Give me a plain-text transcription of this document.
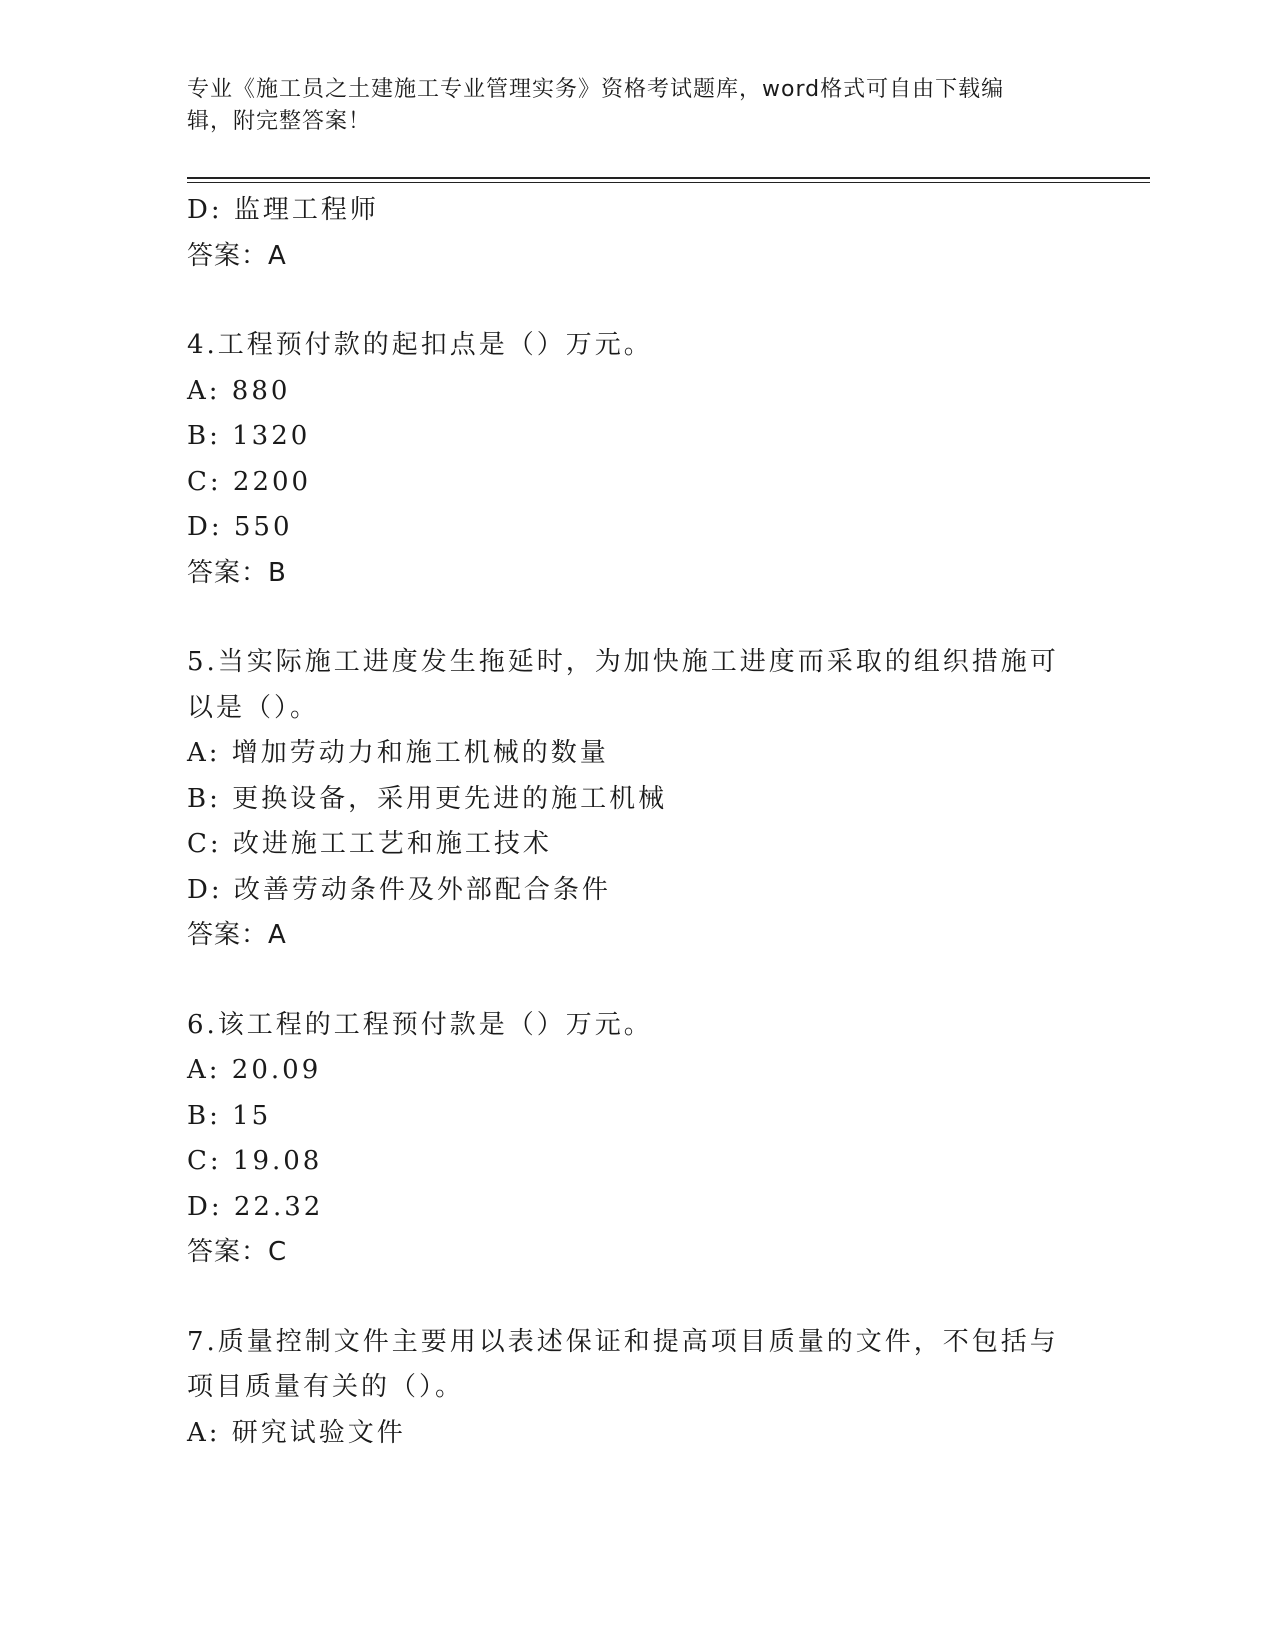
专业《施工员之土建施工专业管理实务》资格考试题库，word格式可自由下载编
辑，附完整答案！
D: 监理工程师
答案：A
4.工程预付款的起扣点是（）万元。
A: 880
B: 1320
C: 2200
D: 550
答案：B
5.当实际施工进度发生拖延时，为加快施工进度而采取的组织措施可
以是（）。
A: 增加劳动力和施工机械的数量
B: 更换设备，采用更先进的施工机械
C: 改进施工工艺和施工技术
D: 改善劳动条件及外部配合条件
答案：A
6.该工程的工程预付款是（）万元。
A: 20.09
B: 15
C: 19.08
D: 22.32
答案：C
7.质量控制文件主要用以表述保证和提高项目质量的文件，不包括与
项目质量有关的（）。
A: 研究试验文件
